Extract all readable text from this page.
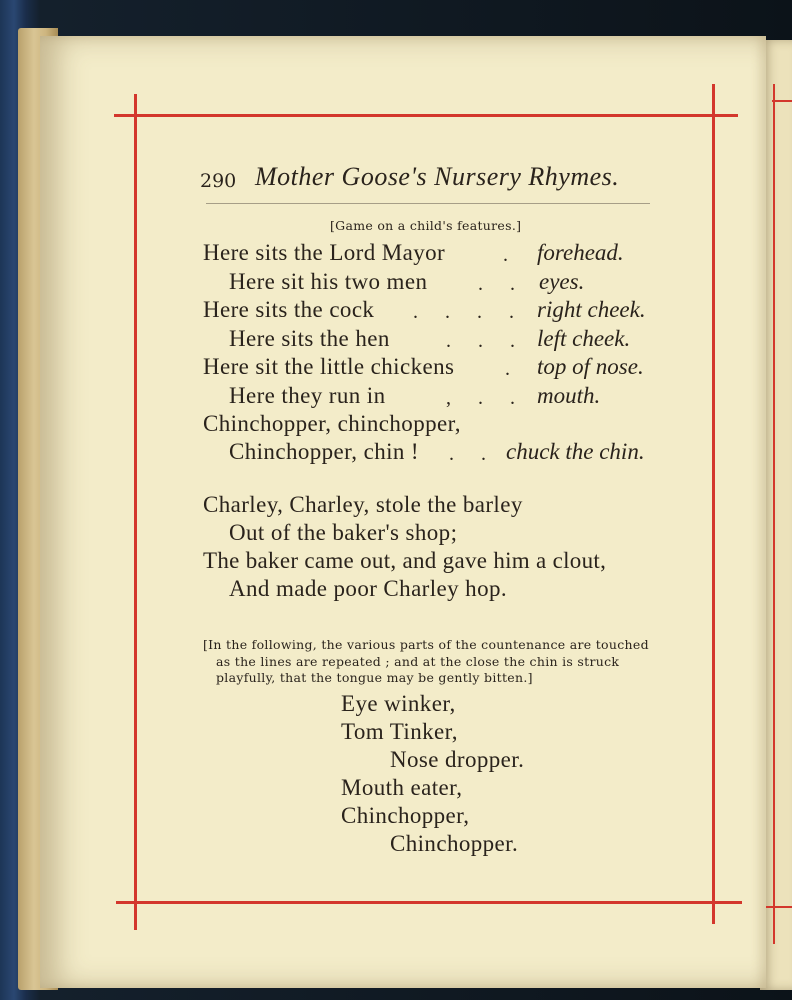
290 Mother Goose's Nursery Rhymes.
[Game on a child's features.]
Here sits the Lord Mayor	. forehead.
Here sit his two men	. . eyes.
Here sits the cock . . . . right cheek.
Here sits the hen	. . . left cheek.
Here sit the little chickens	. top of nose.
Here they run in	, . . mouth.
Chinchopper, chinchopper,
Chinchopper, chin ! . . chuck the chin.
Charley, Charley, stole the barley
Out of the baker's shop;
The baker came out, and gave him a clout,
And made poor Charley hop.
[In the following, the various parts of the countenance are touched
as the lines are repeated ; and at the close the chin is struck
playfully, that the tongue may be gently bitten.]
Eye winker,
Tom Tinker,
Nose dropper.
Mouth eater,
Chinchopper,
Chinchopper.
